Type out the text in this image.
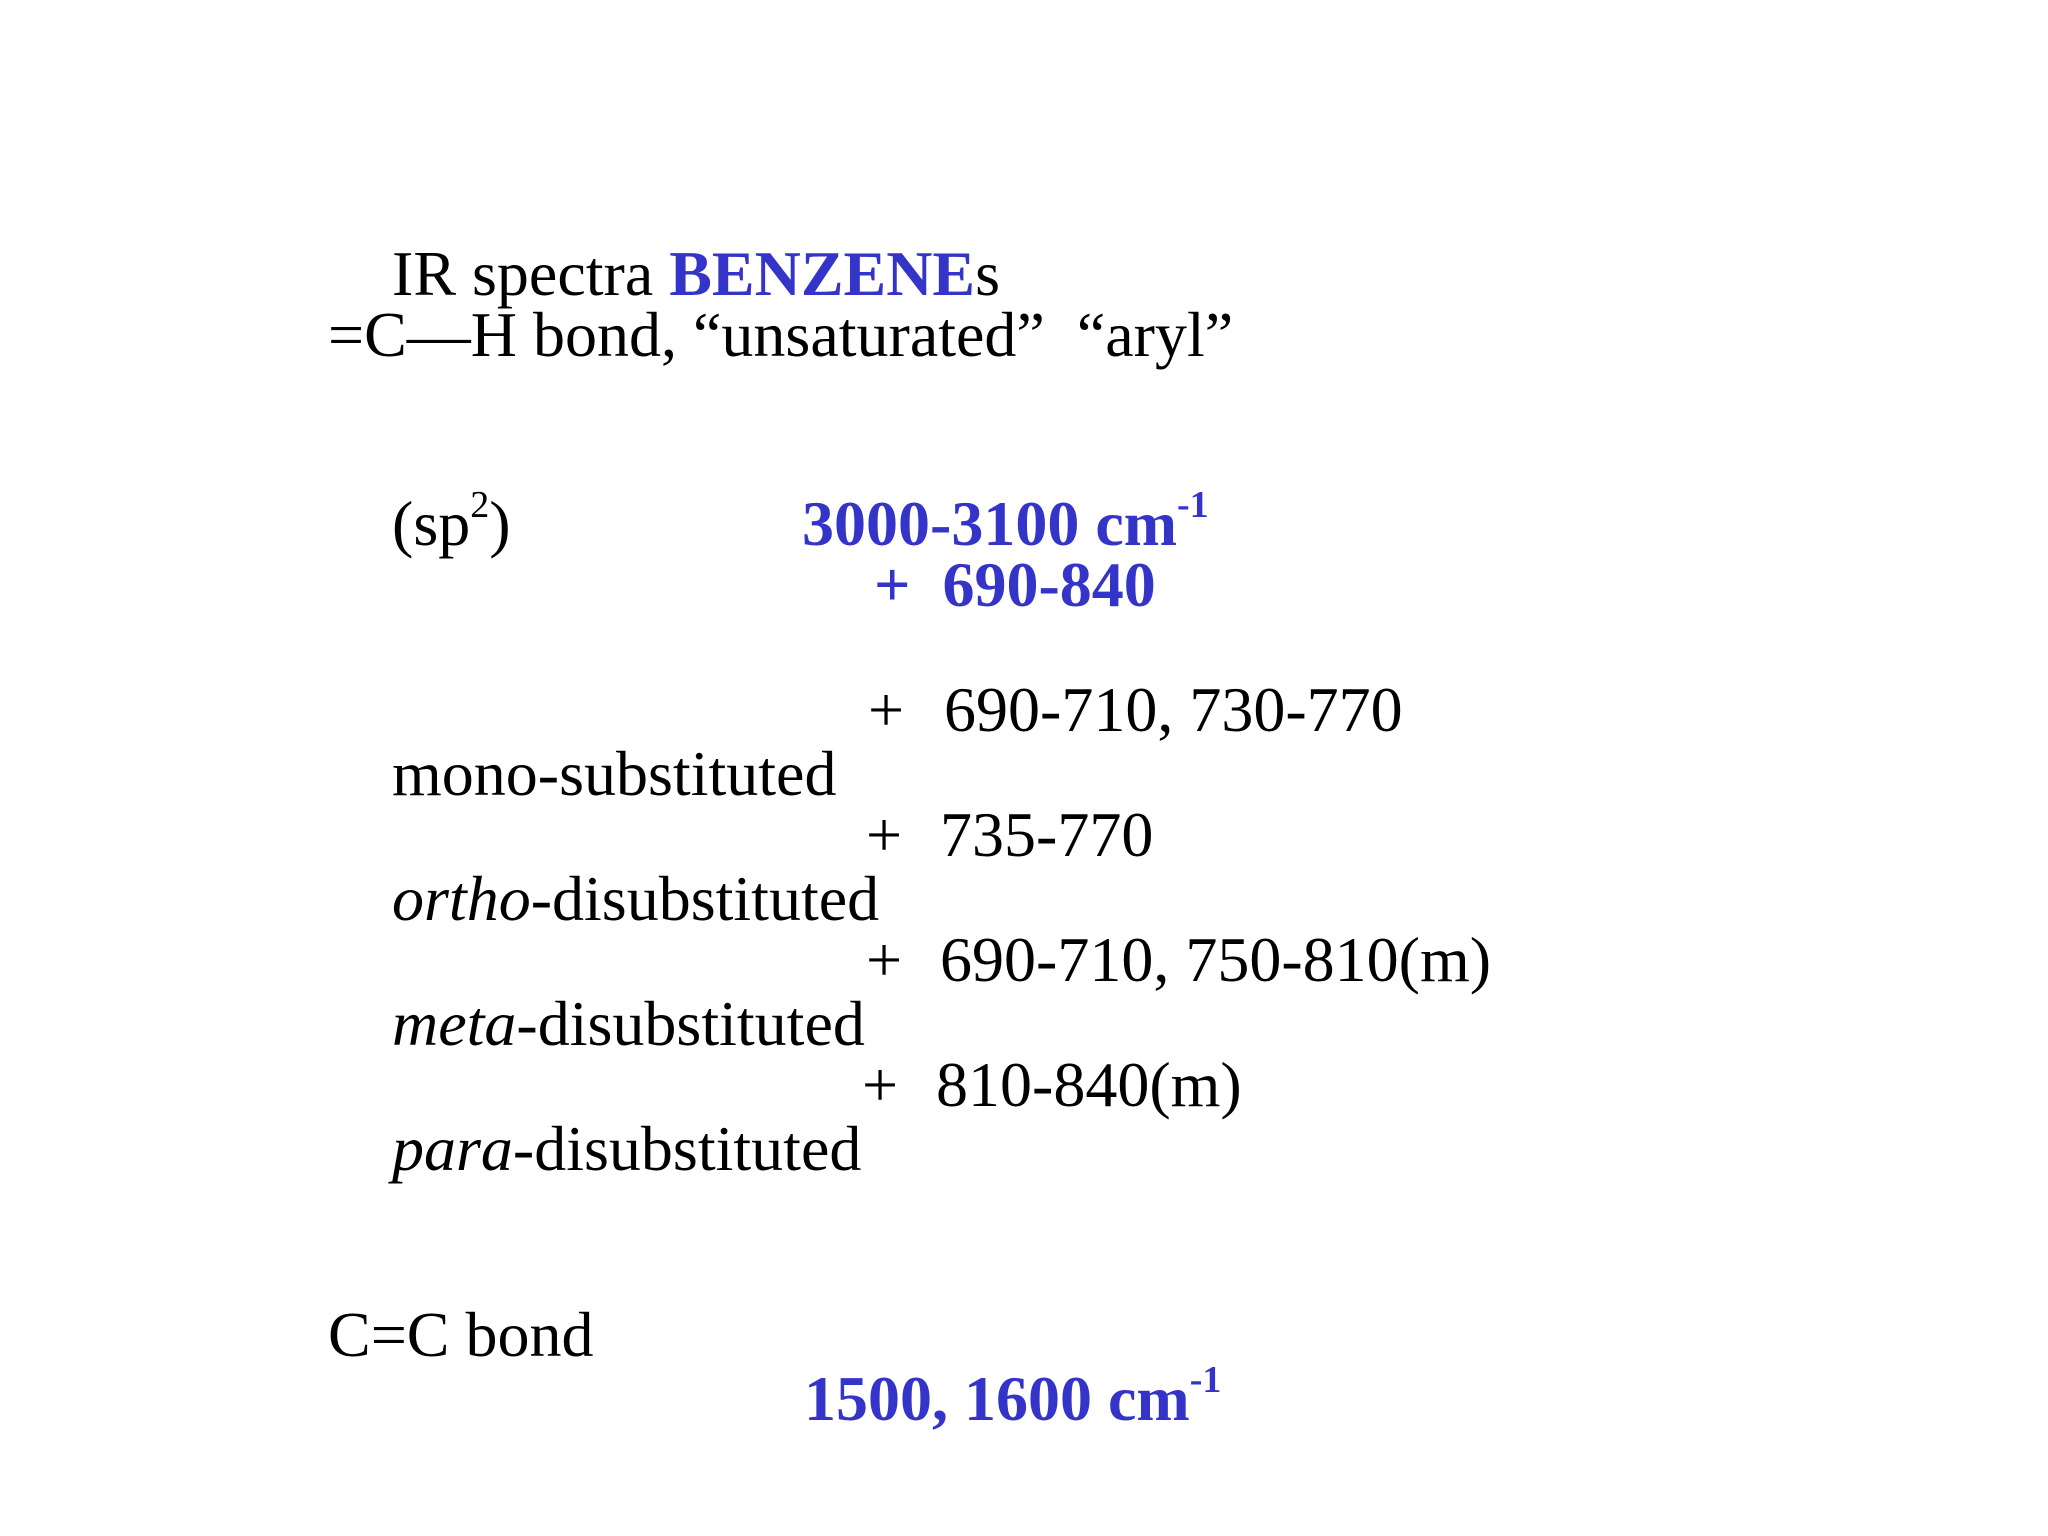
IR spectra BENZENEs

=C—H bond, “unsaturated”  “aryl”

$(sp^2)$
	3000-3100 $cm^{-1}$

+  690-840

mono-substituted

+ 690-710, 730-770

ortho-disubstituted

+ 735-770

meta-disubstituted

+ 690-710, 750-810(m)

para-disubstituted

+ 810-840(m)
C=C bond

1500, 1600 $cm^{-1}$
